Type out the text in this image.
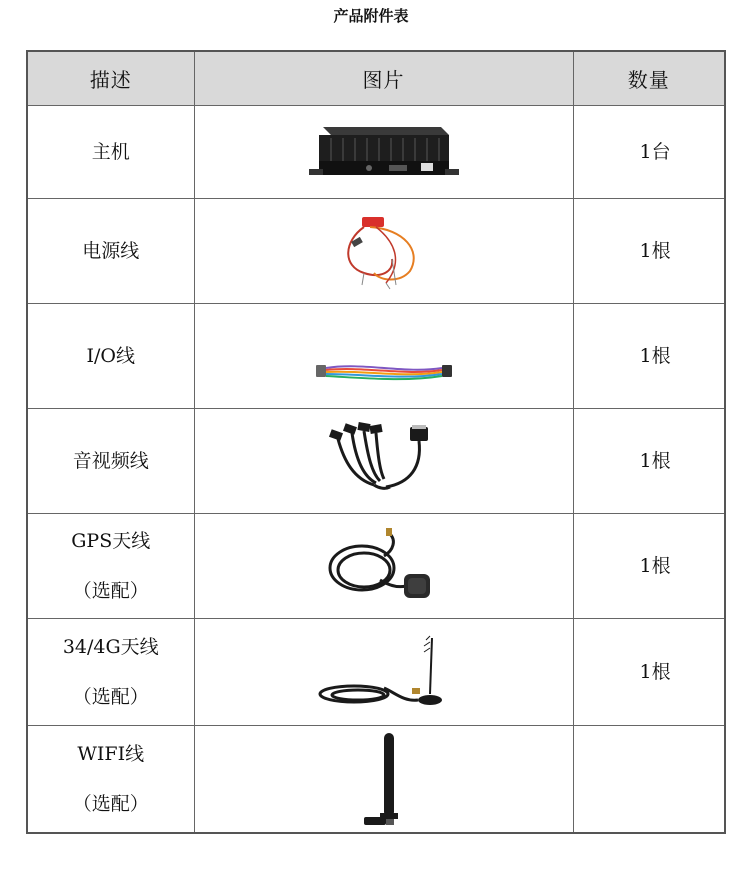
产品附件表
描述	图片	数量

主机		1台

电源线		1根

I/O线		1根

音视频线		1根

GPS天线
（选配）		1根

34/4G天线
（选配）		1根

WIFI线
（选配）
